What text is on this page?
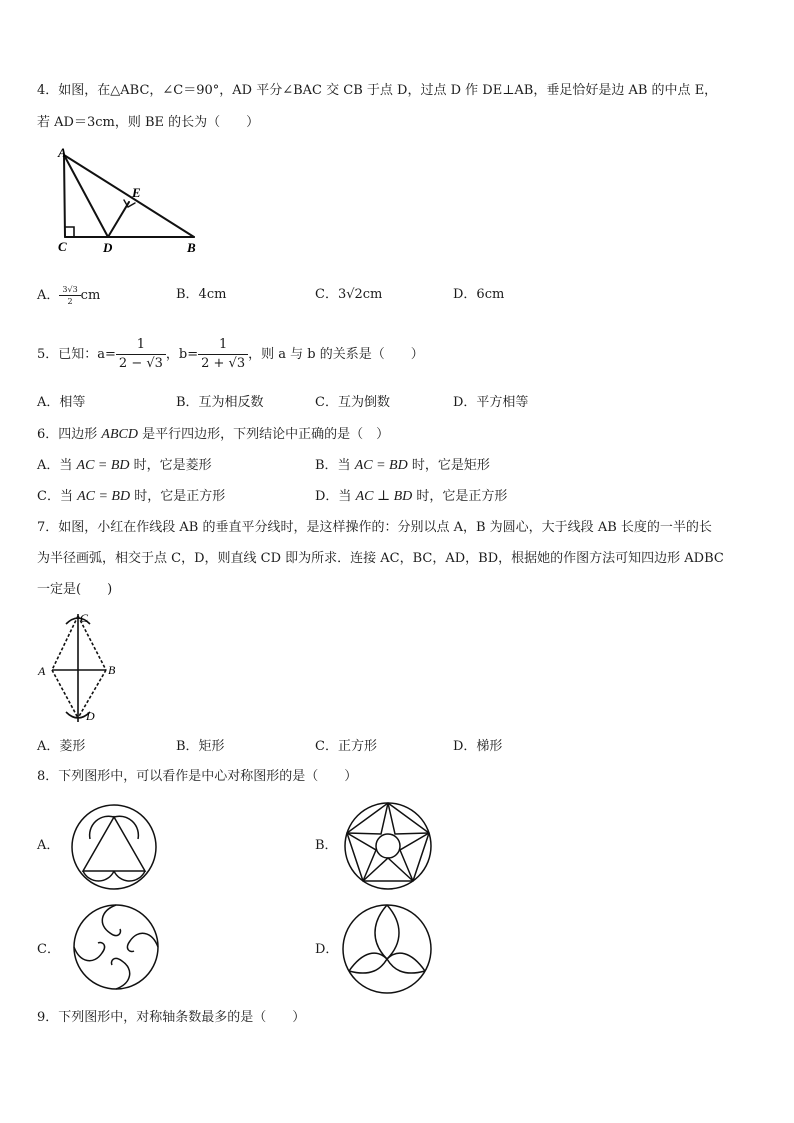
4．如图，在△ABC，∠C＝90°，AD 平分∠BAC 交 CB 于点 D，过点 D 作 DE⊥AB，垂足恰好是边 AB 的中点 E，
若 AD＝3cm，则 BE 的长为（　　）
A
E
C	D	B
A． $\frac{3√3}{2}$ cm	B．4cm	C．3√2cm	D．6cm
5．已知：$a= \frac{1}{2 - √3}$ ，$b= \frac{1}{2 + √3}$ ，则 a 与 b 的关系是（　　）
A．相等	B．互为相反数	C．互为倒数	D．平方相等
6．四边形 ABCD 是平行四边形，下列结论中正确的是（　）
A．当 AC = BD 时，它是菱形	B．当 AC = BD 时，它是矩形
C．当 AC = BD 时，它是正方形	D．当 AC ⊥ BD 时，它是正方形
7．如图，小红在作线段 AB 的垂直平分线时，是这样操作的：分别以点 A，B 为圆心，大于线段 AB 长度的一半的长
为半径画弧，相交于点 C，D，则直线 CD 即为所求．连接 AC，BC，AD，BD，根据她的作图方法可知四边形 ADBC
一定是(　　)
C
A	B
D
A．菱形	B．矩形	C．正方形	D．梯形
8．下列图形中，可以看作是中心对称图形的是（　　）
A．	B．
C．	D．
9．下列图形中，对称轴条数最多的是（　　）
